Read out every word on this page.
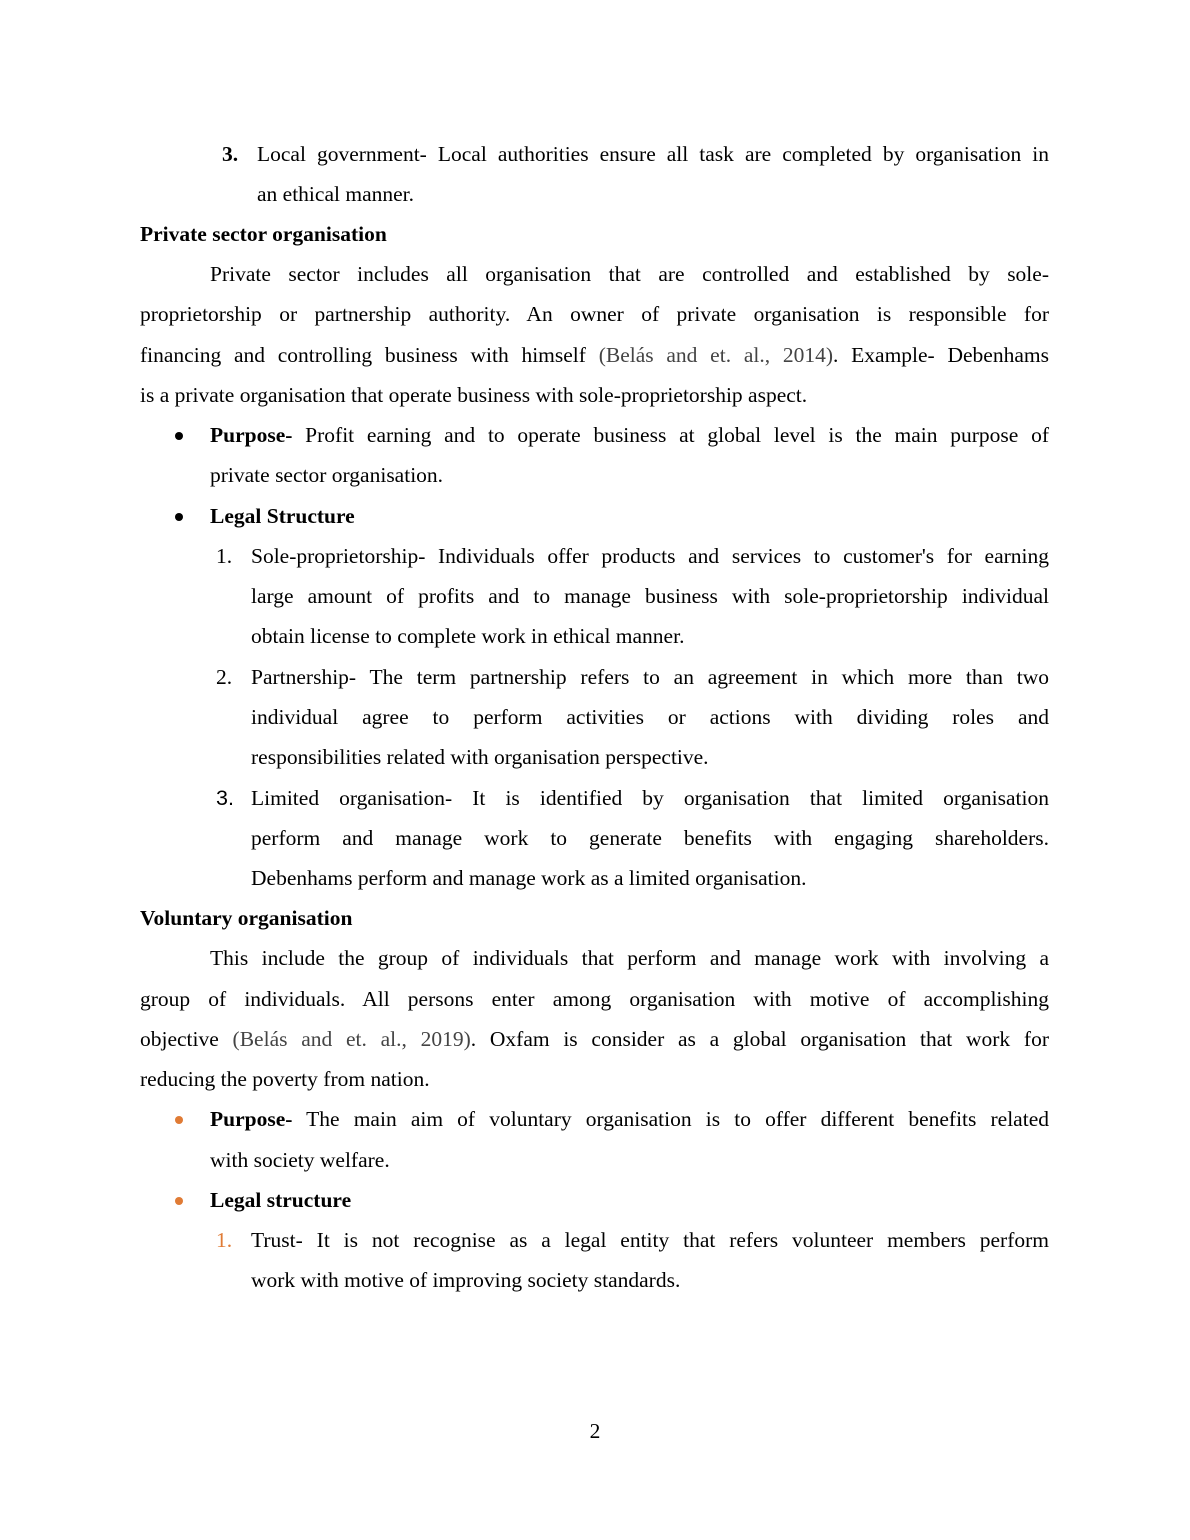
3. Local government- Local authorities ensure all task are completed by organisation in
an ethical manner.
Private sector organisation
Private sector includes all organisation that are controlled and established by sole-
proprietorship or partnership authority. An owner of private organisation is responsible for
financing and controlling business with himself (Belás and et. al., 2014). Example- Debenhams
is a private organisation that operate business with sole-proprietorship aspect.
Purpose- Profit earning and to operate business at global level is the main purpose of
private sector organisation.
Legal Structure
1. Sole-proprietorship- Individuals offer products and services to customer's for earning
large amount of profits and to manage business with sole-proprietorship individual
obtain license to complete work in ethical manner.
2. Partnership- The term partnership refers to an agreement in which more than two
individual agree to perform activities or actions with dividing roles and
responsibilities related with organisation perspective.
3. Limited organisation- It is identified by organisation that limited organisation
perform and manage work to generate benefits with engaging shareholders.
Debenhams perform and manage work as a limited organisation.
Voluntary organisation
This include the group of individuals that perform and manage work with involving a
group of individuals. All persons enter among organisation with motive of accomplishing
objective (Belás and et. al., 2019). Oxfam is consider as a global organisation that work for
reducing the poverty from nation.
Purpose- The main aim of voluntary organisation is to offer different benefits related
with society welfare.
Legal structure
1. Trust- It is not recognise as a legal entity that refers volunteer members perform
work with motive of improving society standards.
2
